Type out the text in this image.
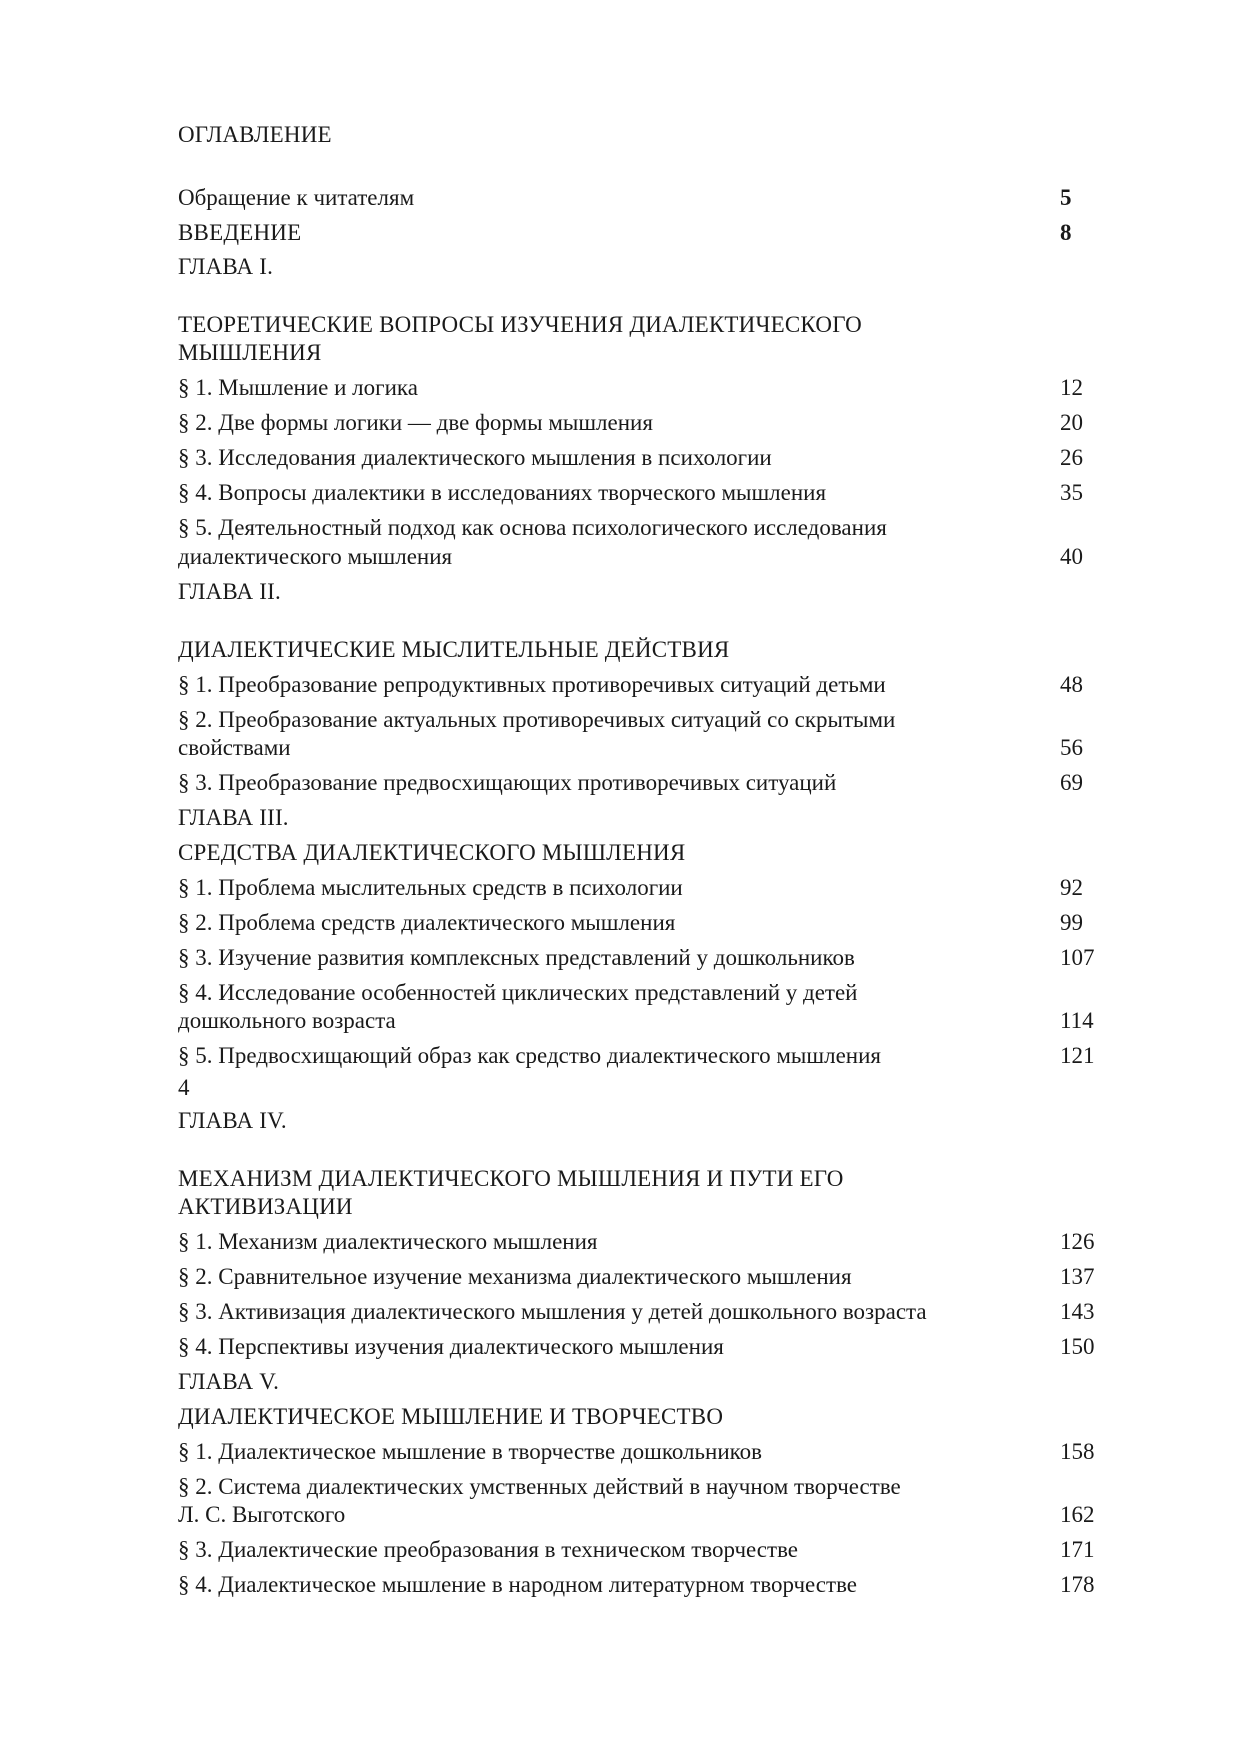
ОГЛАВЛЕНИЕ
Обращение к читателям	5
ВВЕДЕНИЕ	8
ГЛАВА I.
ТЕОРЕТИЧЕСКИЕ ВОПРОСЫ ИЗУЧЕНИЯ ДИАЛЕКТИЧЕСКОГО
МЫШЛЕНИЯ
§ 1. Мышление и логика	12
§ 2. Две формы логики — две формы мышления	20
§ 3. Исследования диалектического мышления в психологии	26
§ 4. Вопросы диалектики в исследованиях творческого мышления	35
§ 5. Деятельностный подход как основа психологического исследования
диалектического мышления	40
ГЛАВА II.
ДИАЛЕКТИЧЕСКИЕ МЫСЛИТЕЛЬНЫЕ ДЕЙСТВИЯ
§ 1. Преобразование репродуктивных противоречивых ситуаций детьми	48
§ 2. Преобразование актуальных противоречивых ситуаций со скрытыми
свойствами	56
§ 3. Преобразование предвосхищающих противоречивых ситуаций	69
ГЛАВА III.
СРЕДСТВА ДИАЛЕКТИЧЕСКОГО МЫШЛЕНИЯ
§ 1. Проблема мыслительных средств в психологии	92
§ 2. Проблема средств диалектического мышления	99
§ 3. Изучение развития комплексных представлений у дошкольников	107
§ 4. Исследование особенностей циклических представлений у детей
дошкольного возраста	114
§ 5. Предвосхищающий образ как средство диалектического мышления	121
4
ГЛАВА IV.
МЕХАНИЗМ ДИАЛЕКТИЧЕСКОГО МЫШЛЕНИЯ И ПУТИ ЕГО
АКТИВИЗАЦИИ
§ 1. Механизм диалектического мышления	126
§ 2. Сравнительное изучение механизма диалектического мышления	137
§ 3. Активизация диалектического мышления у детей дошкольного возраста	143
§ 4. Перспективы изучения диалектического мышления	150
ГЛАВА V.
ДИАЛЕКТИЧЕСКОЕ МЫШЛЕНИЕ И ТВОРЧЕСТВО
§ 1. Диалектическое мышление в творчестве дошкольников	158
§ 2. Система диалектических умственных действий в научном творчестве
Л. С. Выготского	162
§ 3. Диалектические преобразования в техническом творчестве	171
§ 4. Диалектическое мышление в народном литературном творчестве	178
